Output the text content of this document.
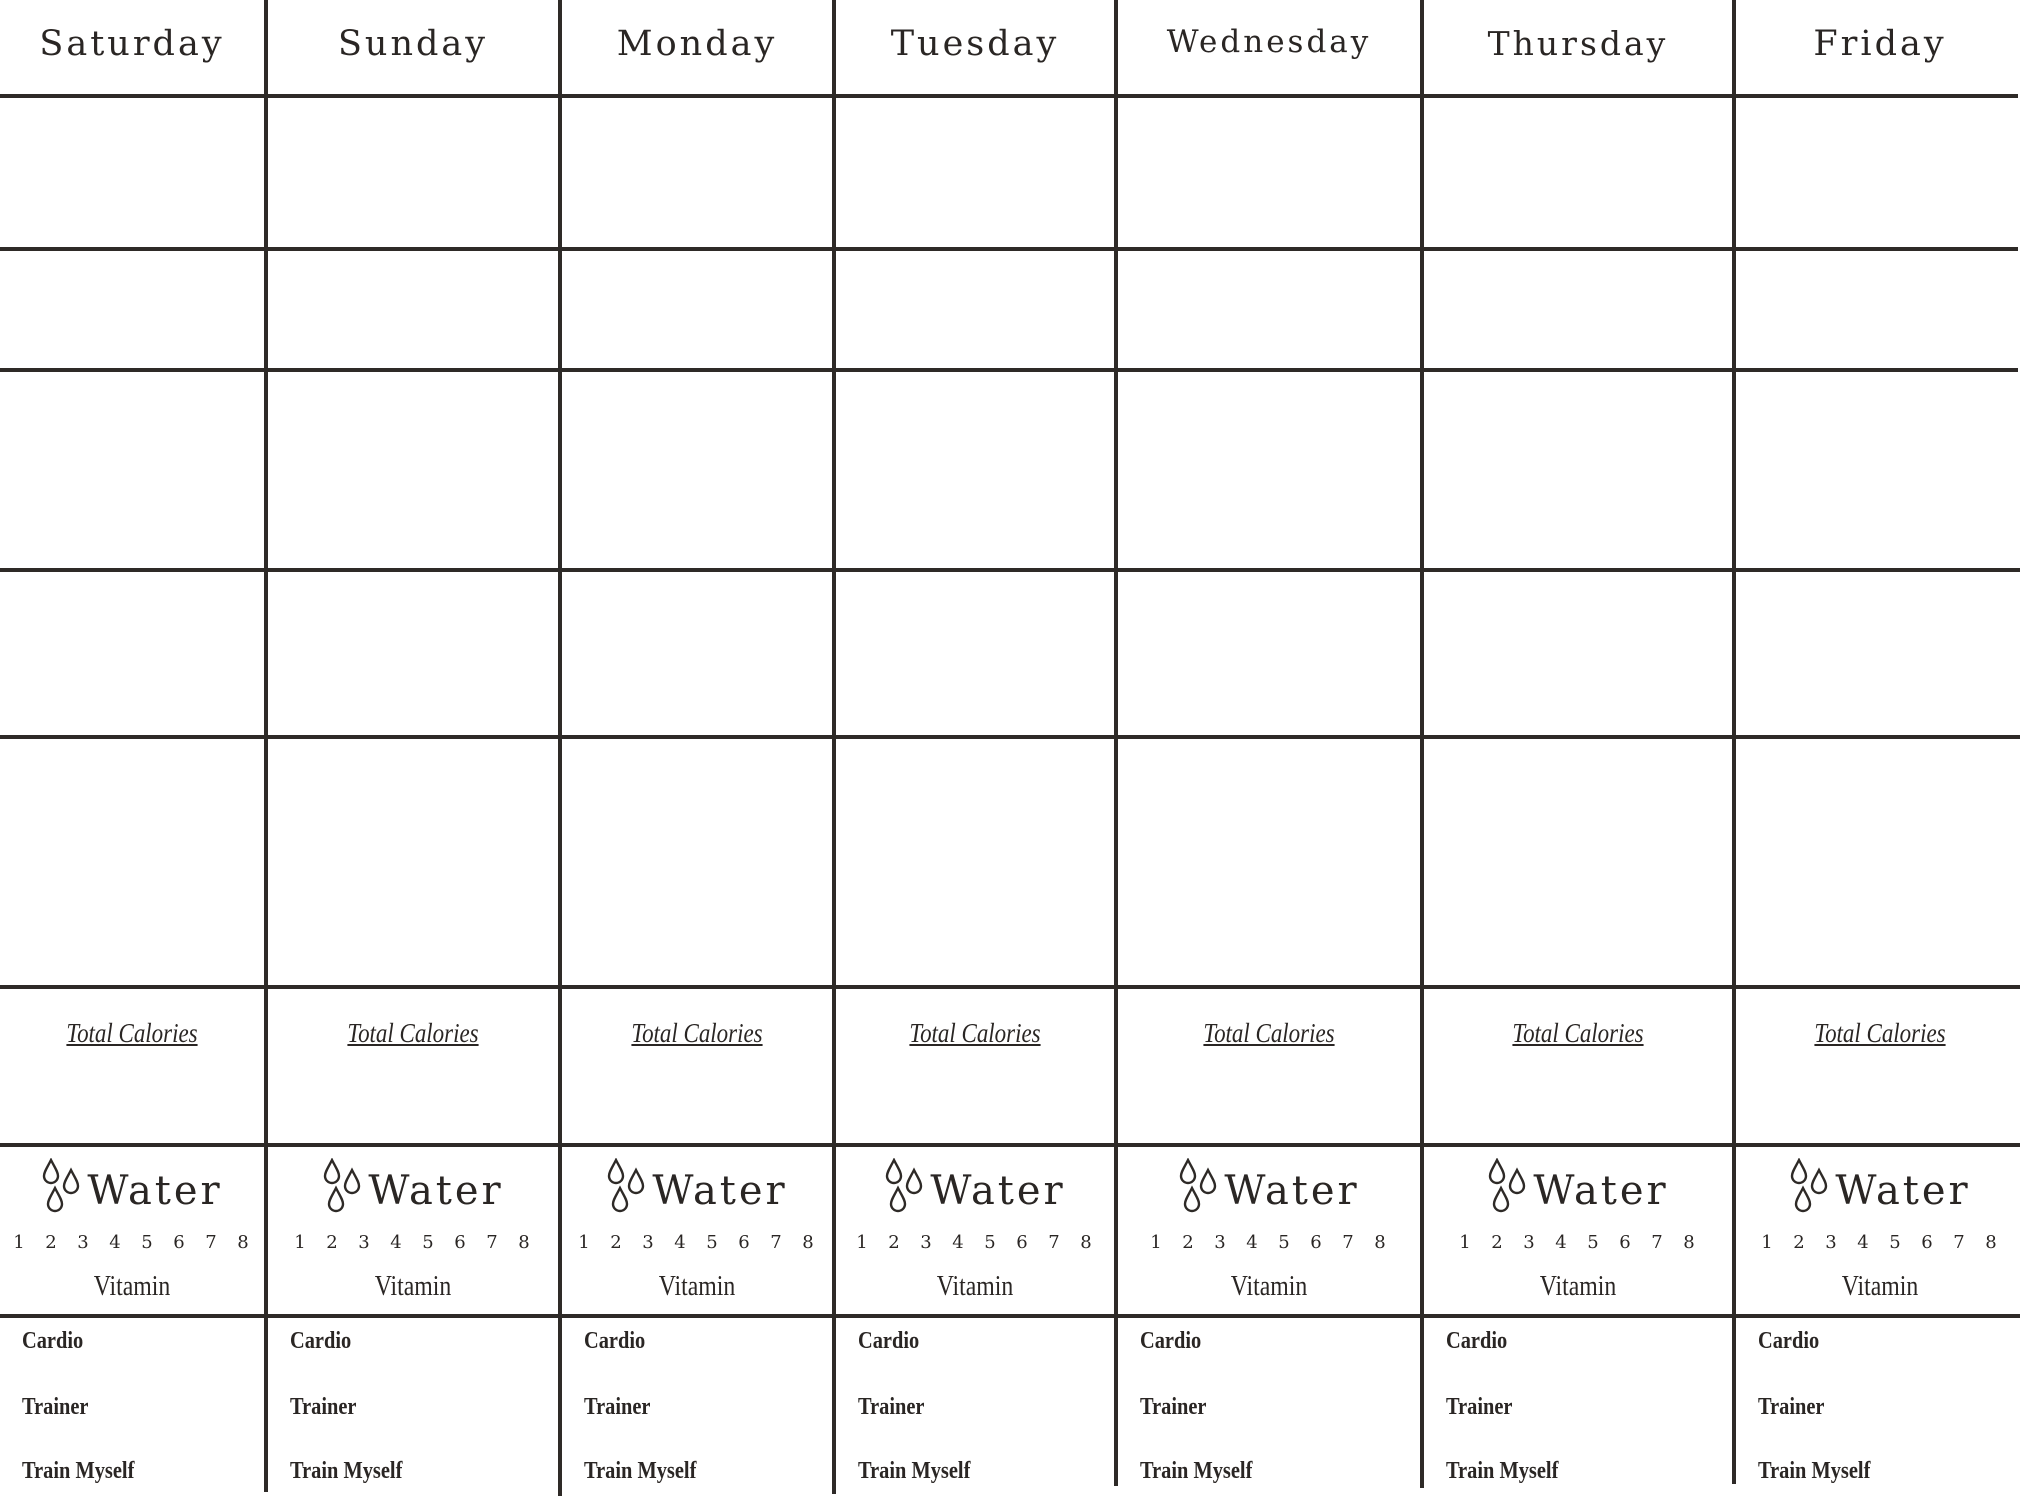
Saturday
Total Calories
Water
1 2 3 4 5 6 7 8
Vitamin
Cardio
Trainer
Train Myself
Sunday
Total Calories
Water
1 2 3 4 5 6 7 8
Vitamin
Cardio
Trainer
Train Myself
Monday
Total Calories
Water
1 2 3 4 5 6 7 8
Vitamin
Cardio
Trainer
Train Myself
Tuesday
Total Calories
Water
1 2 3 4 5 6 7 8
Vitamin
Cardio
Trainer
Train Myself
Wednesday
Total Calories
Water
1 2 3 4 5 6 7 8
Vitamin
Cardio
Trainer
Train Myself
Thursday
Total Calories
Water
1 2 3 4 5 6 7 8
Vitamin
Cardio
Trainer
Train Myself
Friday
Total Calories
Water
1 2 3 4 5 6 7 8
Vitamin
Cardio
Trainer
Train Myself
